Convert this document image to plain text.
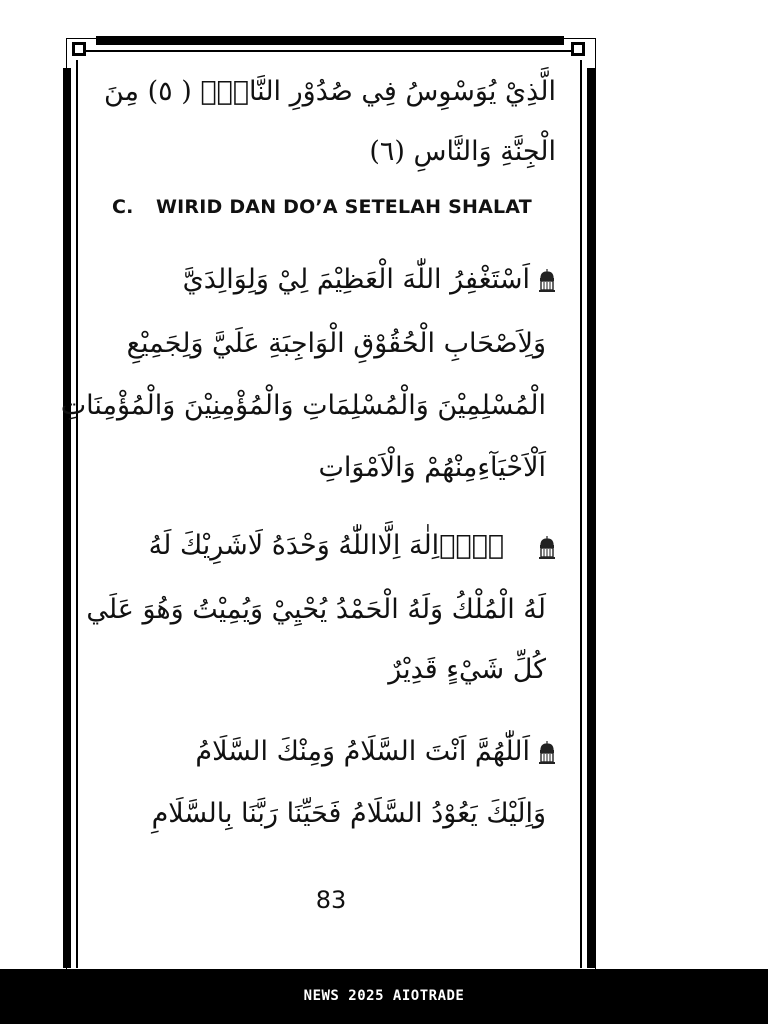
الَّذِيْ يُوَسْوِسُ فِي صُدُوْرِ النَّاسِۙ ( ٥) مِنَ
الْجِنَّةِ وَالنَّاسِ (٦)
C. WIRID DAN DO’A SETELAH SHALAT
اَسْتَغْفِرُ اللّٰهَ الْعَظِيْمَ لِيْ وَلِوَالِدَيَّ
وَلِاَصْحَابِ الْحُقُوْقِ الْوَاجِبَةِ عَلَيَّ وَلِجَمِيْعِ
الْمُسْلِمِيْنَ وَالْمُسْلِمَاتِ وَالْمُؤْمِنِيْنَ وَالْمُؤْمِنَاتِ
اَلْاَحْيَآءِمِنْهُمْ وَالْاَمْوَاتِ
لَاۤاِلٰهَ اِلَّااللّٰهُ وَحْدَهُ لَاشَرِيْكَ لَهُ
لَهُ الْمُلْكُ وَلَهُ الْحَمْدُ يُحْيِيْ وَيُمِيْتُ وَهُوَ عَلَي
كُلِّ شَيْءٍ قَدِيْرٌ
اَللّٰهُمَّ اَنْتَ السَّلَامُ وَمِنْكَ السَّلَامُ
وَاِلَيْكَ يَعُوْدُ السَّلَامُ فَحَيِّنَا رَبَّنَا بِالسَّلَامِ
83
NEWS 2025 AIOTRADE
